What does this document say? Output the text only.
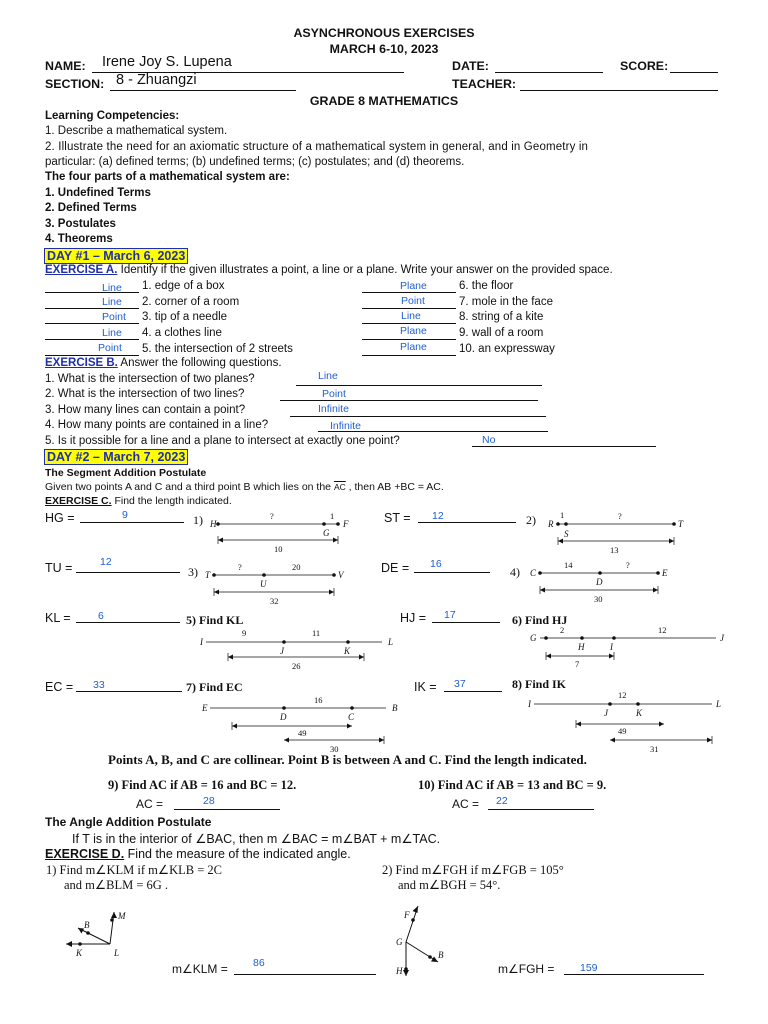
ASYNCHRONOUS EXERCISES
MARCH 6-10, 2023
NAME: Irene Joy S. Lupena	DATE:	SCORE:
SECTION: 8 - Zhuangzi	TEACHER:
GRADE 8 MATHEMATICS
Learning Competencies:
1. Describe a mathematical system.
2. Illustrate the need for an axiomatic structure of a mathematical system in general, and in Geometry in
particular: (a) defined terms; (b) undefined terms; (c) postulates; and (d) theorems.
The four parts of a mathematical system are:
1. Undefined Terms
2. Defined Terms
3. Postulates
4. Theorems
DAY #1 – March 6, 2023
EXERCISE A. Identify if the given illustrates a point, a line or a plane. Write your answer on the provided space.
Line 1. edge of a box
Line 2. corner of a room
Point 3. tip of a needle
Line 4. a clothes line
Point 5. the intersection of 2 streets
Plane	6. the floor
Point	7. mole in the face
Line	8. string of a kite
Plane	9. wall of a room
Plane	10. an expressway
EXERCISE B. Answer the following questions.
1. What is the intersection of two planes?	Line
2. What is the intersection of two lines?	Point
3. How many lines can contain a point?	Infinite
4. How many points are contained in a line?	Infinite
5. Is it possible for a line and a plane to intersect at exactly one point?	No
DAY #2 – March 7, 2023
The Segment Addition Postulate
Given two points A and C and a third point B which lies on the $\overline{AC}$ , then AB +BC = AC.
EXERCISE C. Find the length indicated.
HG =	9	ST = 12
TU =	12	DE = 16
KL =	6	HJ = 17
EC = 33	IK = 37
1) H
G
F
?	1
10
2) R
S
T
1	?
13
3) T
U
V
?	20
32
4) C
D
E
14	?
30
5) Find KL
I
J	K
L
9	11
26
6) Find HJ
G
H	I
J
2	12
7
7) Find EC
E
D	C
B
16
49
30
8) Find IK
I
J	K
L
12
49
31
Points A, B, and C are collinear. Point B is between A and C. Find the length indicated.
9) Find AC if AB = 16 and BC = 12.	10) Find AC if AB = 13 and BC = 9.
AC =	28	AC = 22
The Angle Addition Postulate
If T is in the interior of ∠BAC, then m ∠BAC = m∠BAT + m∠TAC.
EXERCISE D. Find the measure of the indicated angle.
1) Find m∠KLM if m∠KLB = 2C
and m∠BLM = 6G .
2) Find m∠FGH if m∠FGB = 105°
and m∠BGH = 54°.
B
M
K	L
F
G
B
H
m∠KLM = 86	m∠FGH = 159
